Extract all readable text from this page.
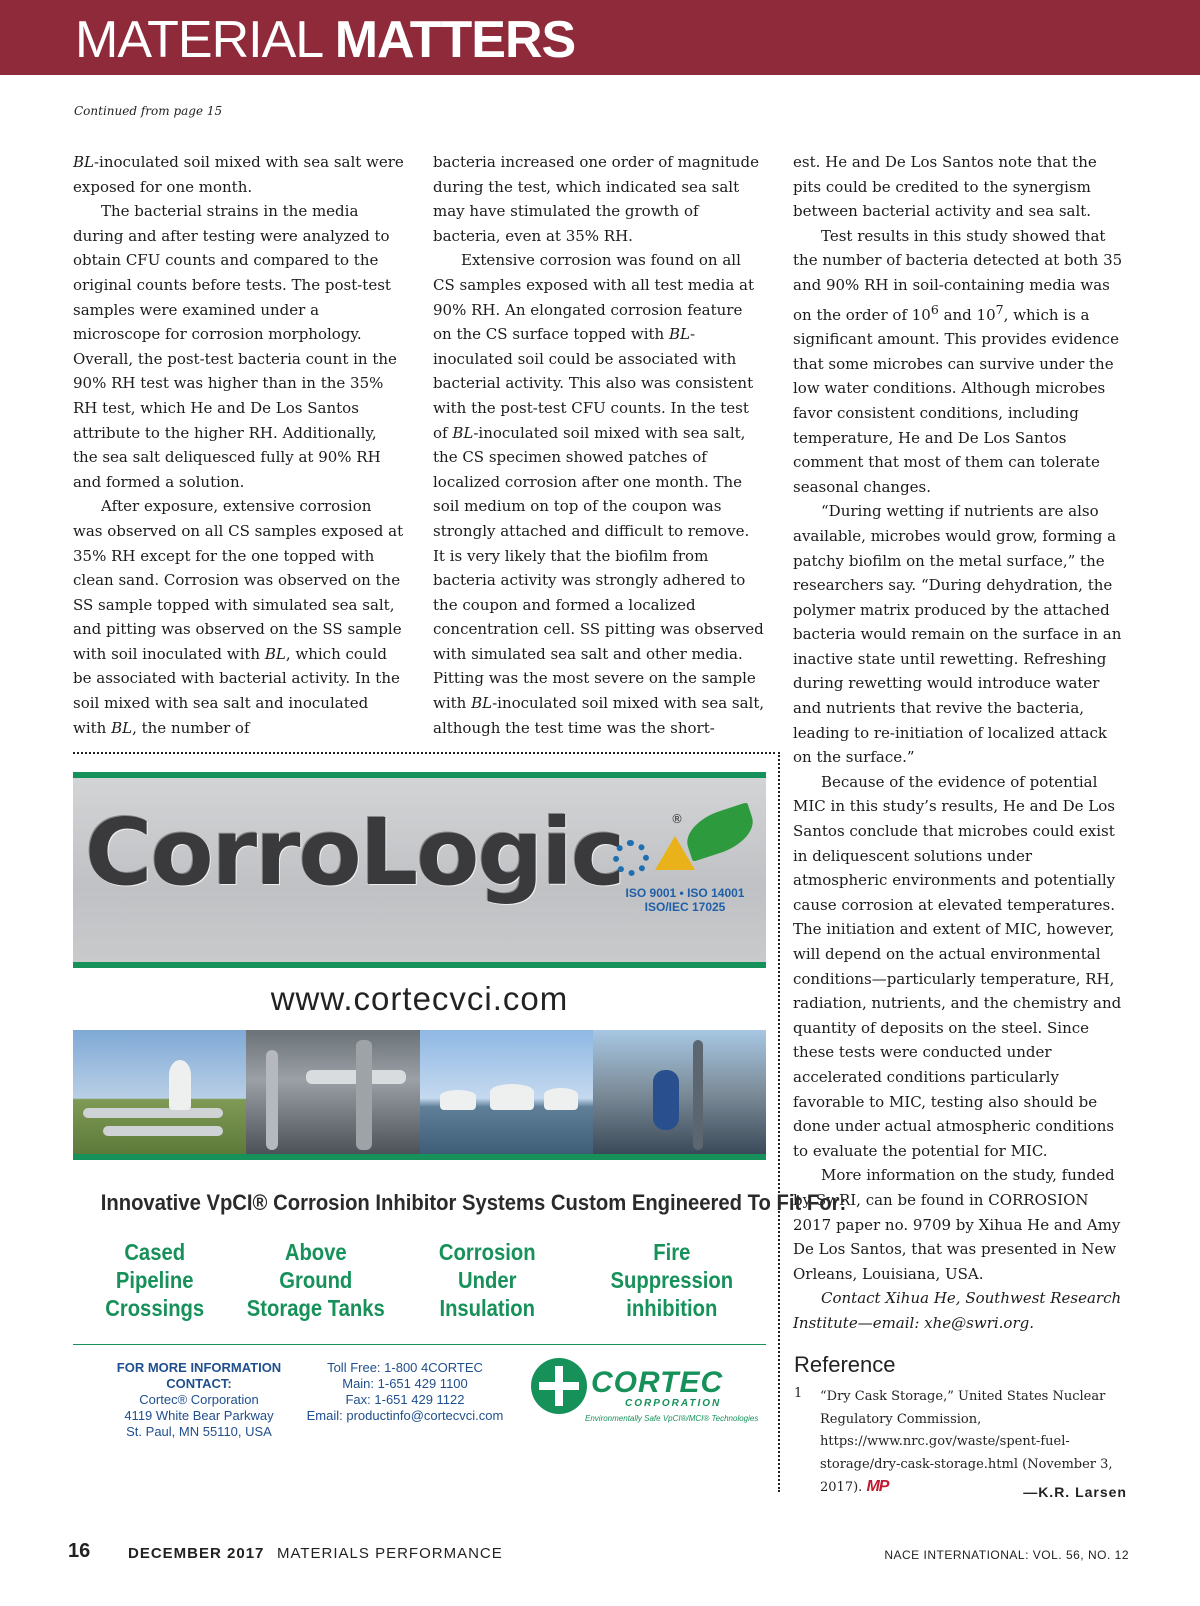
MATERIAL MATTERS
Continued from page 15

BL-inoculated soil mixed with sea salt were exposed for one month.

The bacterial strains in the media during and after testing were analyzed to obtain CFU counts and compared to the original counts before tests. The post-test samples were examined under a microscope for corrosion morphology. Overall, the post-test bacteria count in the 90% RH test was higher than in the 35% RH test, which He and De Los Santos attribute to the higher RH. Additionally, the sea salt deliquesced fully at 90% RH and formed a solution.

After exposure, extensive corrosion was observed on all CS samples exposed at 35% RH except for the one topped with clean sand. Corrosion was observed on the SS sample topped with simulated sea salt, and pitting was observed on the SS sample with soil inoculated with BL, which could be associated with bacterial activity. In the soil mixed with sea salt and inoculated with BL, the number of

bacteria increased one order of magnitude during the test, which indicated sea salt may have stimulated the growth of bacteria, even at 35% RH.

Extensive corrosion was found on all CS samples exposed with all test media at 90% RH. An elongated corrosion feature on the CS surface topped with BL-inoculated soil could be associated with bacterial activity. This also was consistent with the post-test CFU counts. In the test of BL-inoculated soil mixed with sea salt, the CS specimen showed patches of localized corrosion after one month. The soil medium on top of the coupon was strongly attached and difficult to remove. It is very likely that the biofilm from bacteria activity was strongly adhered to the coupon and formed a localized concentration cell. SS pitting was observed with simulated sea salt and other media. Pitting was the most severe on the sample with BL-inoculated soil mixed with sea salt, although the test time was the short-

est. He and De Los Santos note that the pits could be credited to the synergism between bacterial activity and sea salt.

Test results in this study showed that the number of bacteria detected at both 35 and 90% RH in soil-containing media was on the order of $10^6$ and $10^7$, which is a significant amount. This provides evidence that some microbes can survive under the low water conditions. Although microbes favor consistent conditions, including temperature, He and De Los Santos comment that most of them can tolerate seasonal changes.

“During wetting if nutrients are also available, microbes would grow, forming a patchy biofilm on the metal surface,” the researchers say. “During dehydration, the polymer matrix produced by the attached bacteria would remain on the surface in an inactive state until rewetting. Refreshing during rewetting would introduce water and nutrients that revive the bacteria, leading to re-initiation of localized attack on the surface.”

Because of the evidence of potential MIC in this study’s results, He and De Los Santos conclude that microbes could exist in deliquescent solutions under atmospheric environments and potentially cause corrosion at elevated temperatures. The initiation and extent of MIC, however, will depend on the actual environmental conditions—particularly temperature, RH, radiation, nutrients, and the chemistry and quantity of deposits on the steel. Since these tests were conducted under accelerated conditions particularly favorable to MIC, testing also should be done under actual atmospheric conditions to evaluate the potential for MIC.

More information on the study, funded by SwRI, can be found in CORROSION 2017 paper no. 9709 by Xihua He and Amy De Los Santos, that was presented in New Orleans, Louisiana, USA.

Contact Xihua He, Southwest Research Institute—email: xhe@swri.org.

CorroLogic	®
ISO 9001 • ISO 14001
ISO/IEC 17025
www.cortecvci.com
Innovative VpCI® Corrosion Inhibitor Systems Custom Engineered To Fit For:
Cased Pipeline
Crossings
Above Ground
Storage Tanks
Corrosion Under
Insulation
Fire Suppression
inhibition
FOR MORE INFORMATION CONTACT:
Cortec® Corporation
4119 White Bear Parkway
St. Paul, MN 55110, USA
Toll Free: 1-800 4CORTEC
Main: 1-651 429 1100
Fax: 1-651 429 1122
Email: productinfo@cortecvci.com
CORTEC
CORPORATION
Environmentally Safe VpCI®/MCI® Technologies
Reference
1 “Dry Cask Storage,” United States Nuclear Regulatory Commission, https://www.nrc.gov/waste/spent-fuel-storage/dry-cask-storage.html (November 3, 2017). MP	—K.R. Larsen
16	DECEMBER 2017 MATERIALS PERFORMANCE	NACE INTERNATIONAL: VOL. 56, NO. 12
